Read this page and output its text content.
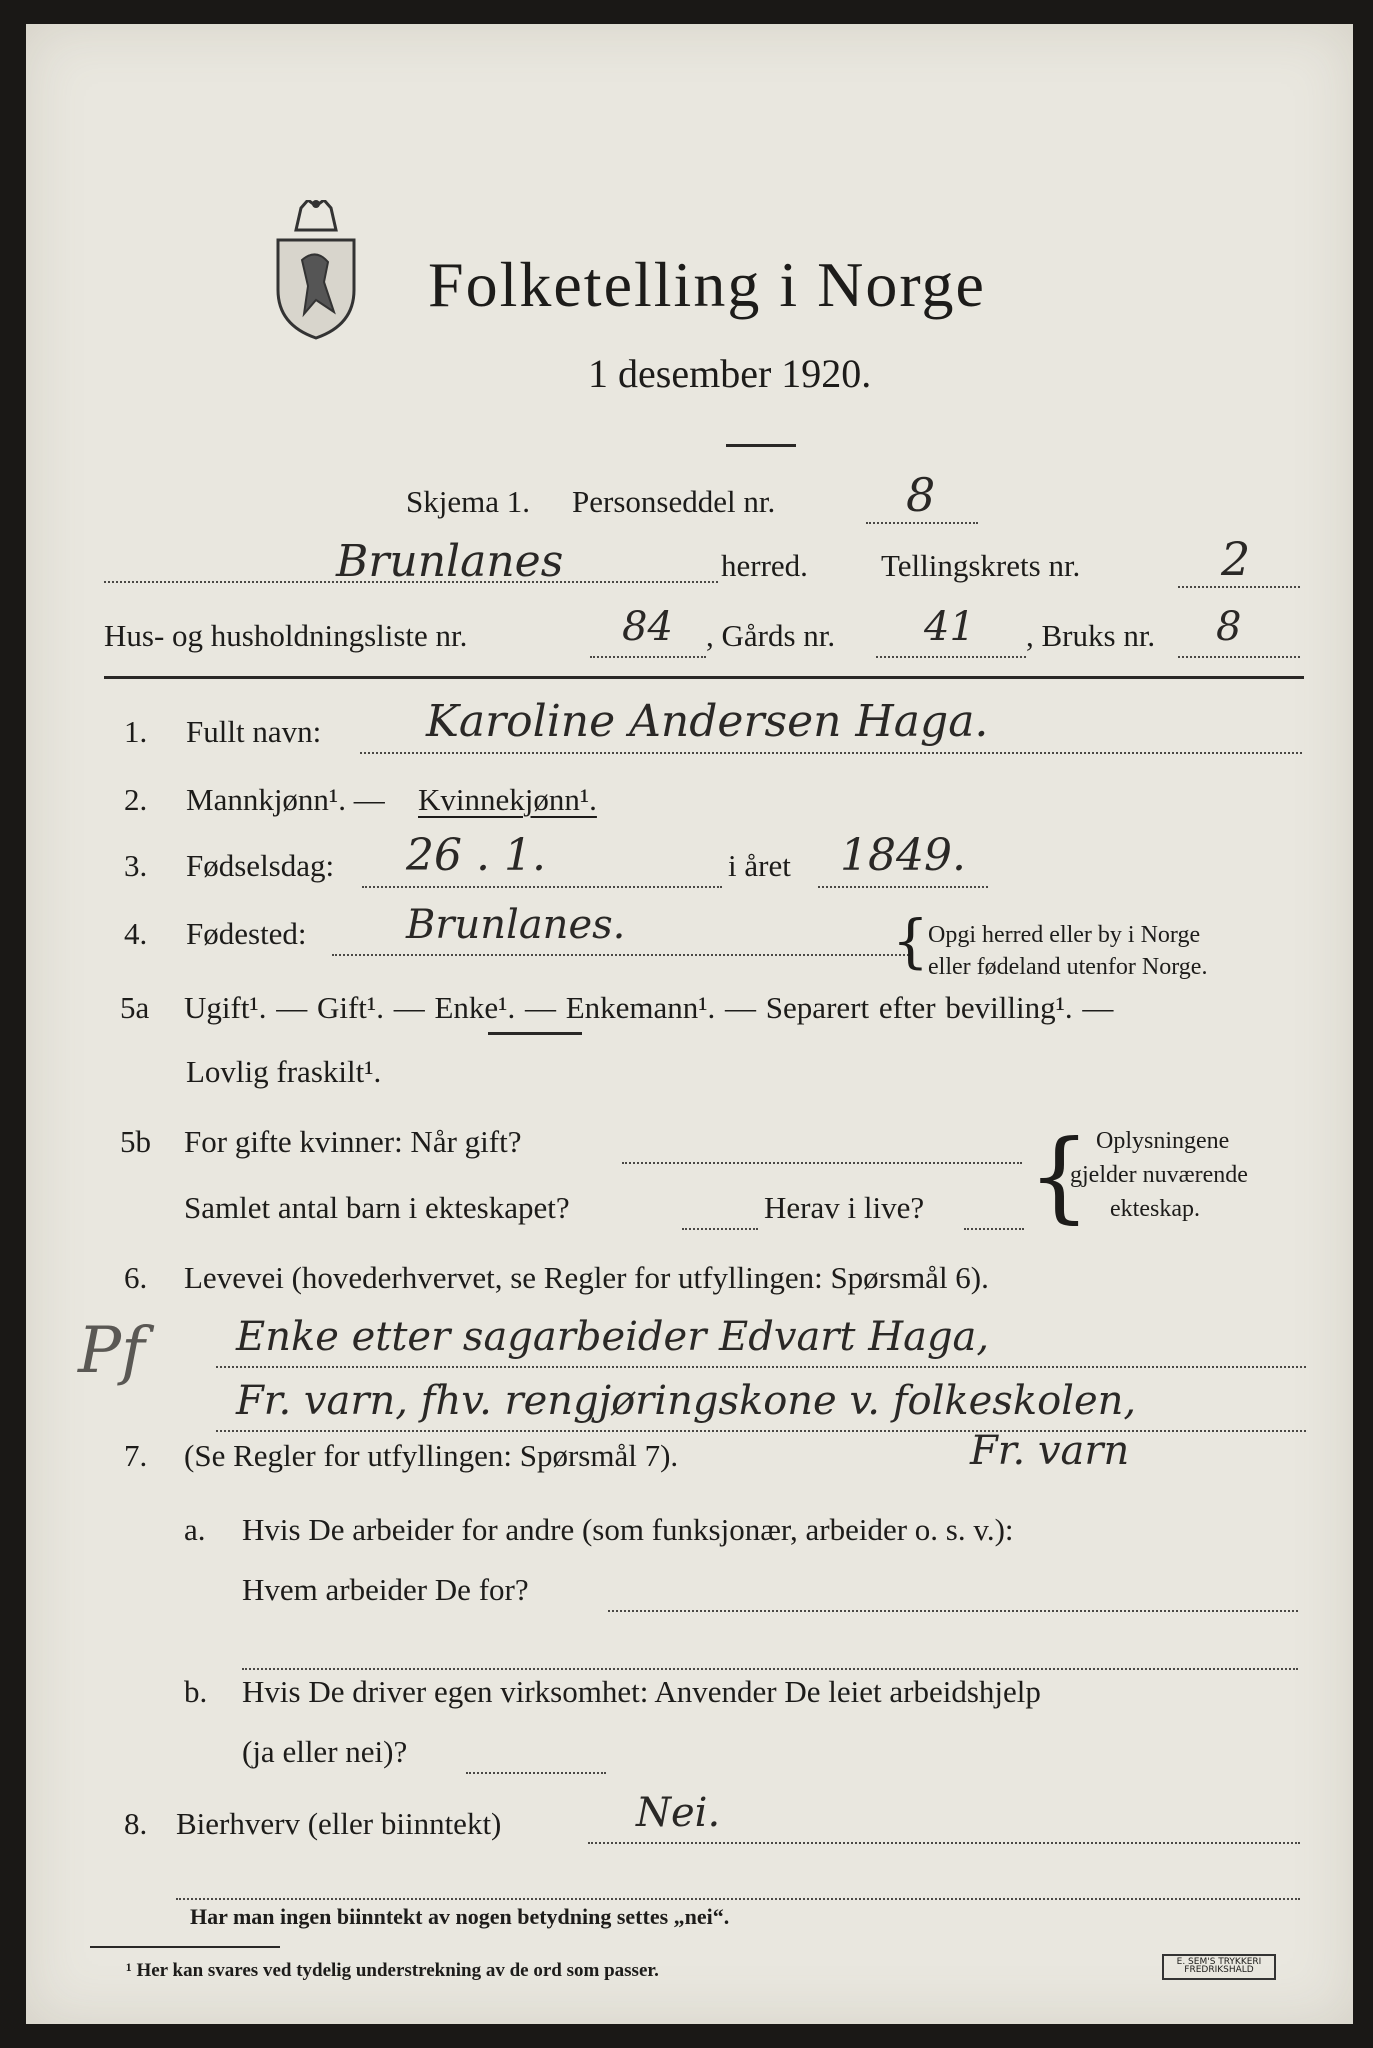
Folketelling i Norge
1 desember 1920.
Skjema 1. Personseddel nr.	8
Brunlanes	herred. Tellingskrets nr.	2
Hus- og husholdningsliste nr.	84 , Gårds nr. 41 , Bruks nr. 8
1. Fullt navn: Karoline Andersen Haga.
2. Mannkjønn¹. — Kvinnekjønn¹.
3. Fødselsdag: 26 . 1.	i året 1849.
4. Fødested: Brunlanes.	{ Opgi herred eller by i Norge
eller fødeland utenfor Norge.
5a Ugift¹. — Gift¹. — Enke¹. — Enkemann¹. — Separert efter bevilling¹. —
Lovlig fraskilt¹.
5b For gifte kvinner: Når gift?
Samlet antal barn i ekteskapet?	Herav i live? { Oplysningene
gjelder nuværende
ekteskap.
6. Levevei (hovederhvervet, se Regler for utfyllingen: Spørsmål 6).
Pf Enke etter sagarbeider Edvart Haga,
Fr. varn, fhv. rengjøringskone v. folkeskolen,
7. (Se Regler for utfyllingen: Spørsmål 7).	Fr. varn
a. Hvis De arbeider for andre (som funksjonær, arbeider o. s. v.):
Hvem arbeider De for?
b. Hvis De driver egen virksomhet: Anvender De leiet arbeidshjelp
(ja eller nei)?
8. Bierhverv (eller biinntekt)	Nei.
Har man ingen biinntekt av nogen betydning settes „nei“.
¹ Her kan svares ved tydelig understrekning av de ord som passer.	E. SEM'S TRYKKERI FREDRIKSHALD
